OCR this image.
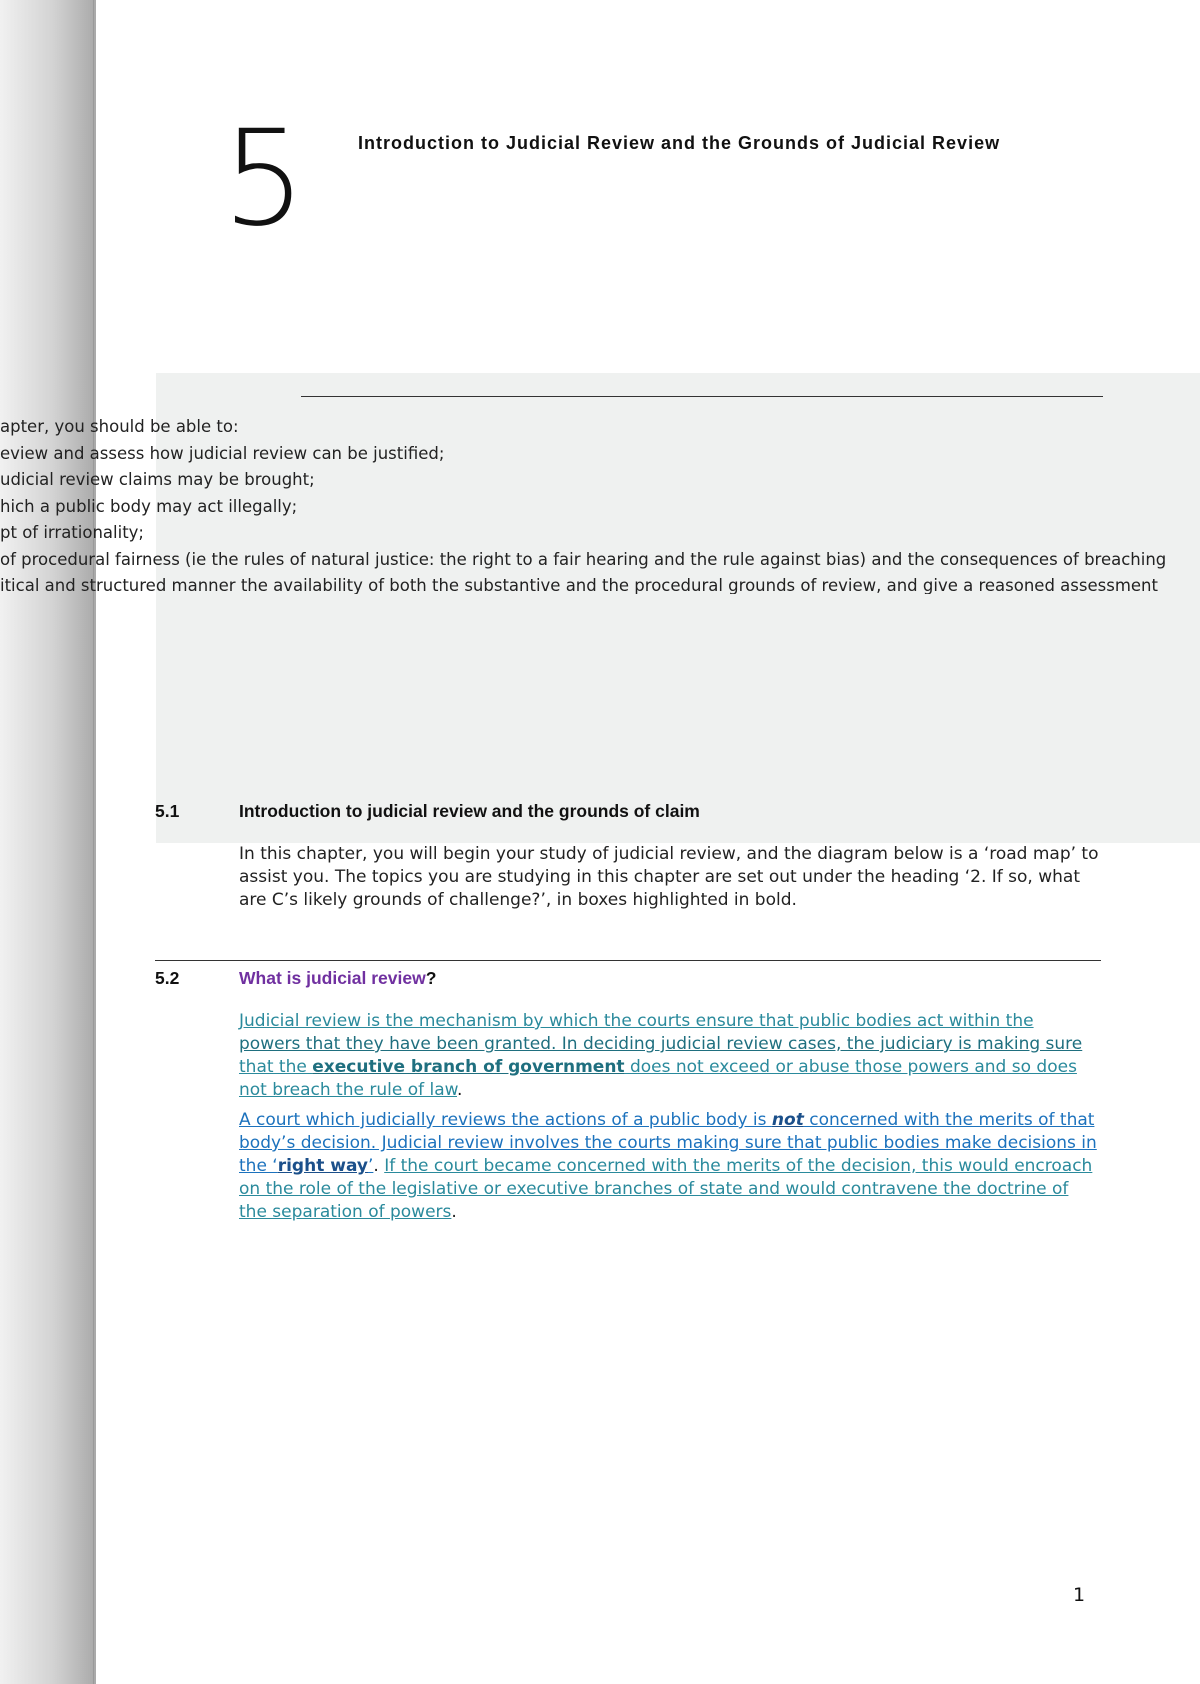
5	Introduction to Judicial Review and the Grounds of Judicial Review
apter, you should be able to:
eview and assess how judicial review can be justified;
udicial review claims may be brought;
hich a public body may act illegally;
pt of irrationality;
of procedural fairness (ie the rules of natural justice: the right to a fair hearing and the rule against bias) and the consequences of breaching
itical and structured manner the availability of both the substantive and the procedural grounds of review, and give a reasoned assessment
5.1	Introduction to judicial review and the grounds of claim
In this chapter, you will begin your study of judicial review, and the diagram below is a ‘road map’ to assist you. The topics you are studying in this chapter are set out under the heading ‘2. If so, what are C’s likely grounds of challenge?’, in boxes highlighted in bold.
5.2	What is judicial review?
Judicial review is the mechanism by which the courts ensure that public bodies act within the powers that they have been granted. In deciding judicial review cases, the judiciary is making sure that the executive branch of government does not exceed or abuse those powers and so does not breach the rule of law.
A court which judicially reviews the actions of a public body is not concerned with the merits of that body’s decision. Judicial review involves the courts making sure that public bodies make decisions in the ‘right way’. If the court became concerned with the merits of the decision, this would encroach on the role of the legislative or executive branches of state and would contravene the doctrine of the separation of powers.
1
